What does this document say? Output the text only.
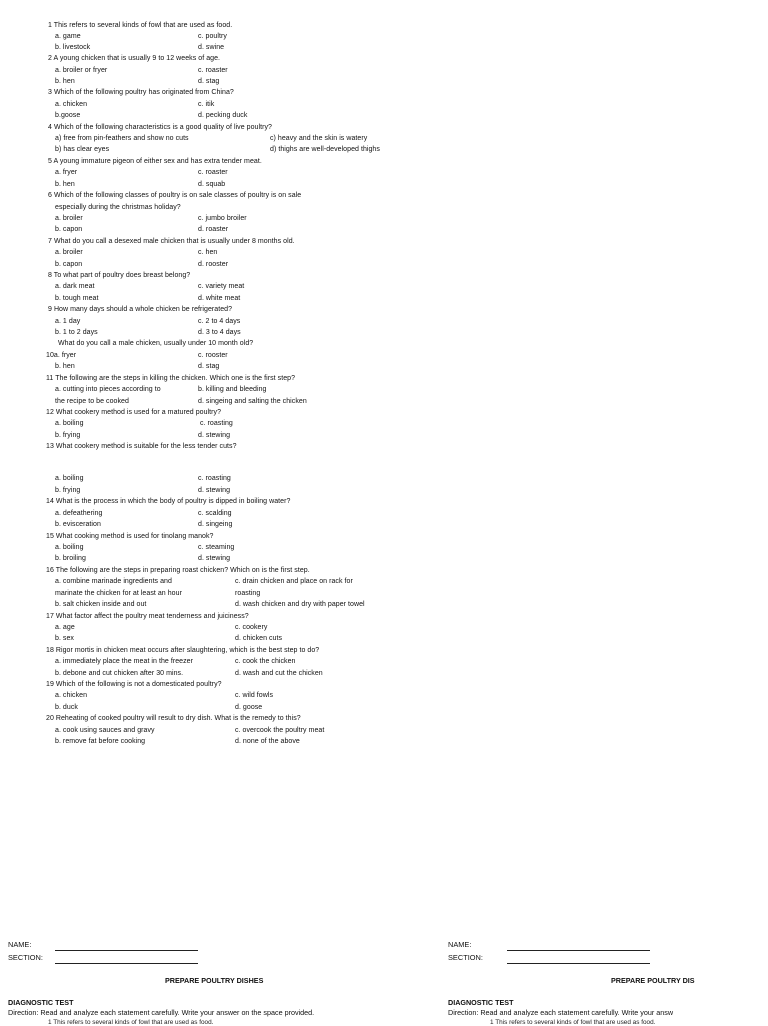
1 This refers to several kinds of fowl that are used as food.
a. game	c. poultry
b. livestock	d. swine
2 A young chicken that is usually 9 to 12 weeks of age.
a. broiler or fryer	c. roaster
b. hen	d. stag
3 Which of the following poultry has originated from China?
a. chicken	c. itik
b.goose	d. pecking duck
4 Which of the following characteristics is a good quality of live poultry?
a) free from pin-feathers and show no cuts	c) heavy and the skin is watery
b) has clear eyes	d) thighs are well-developed thighs
5 A young immature pigeon of either sex and has extra tender meat.
a. fryer	c. roaster
b. hen	d. squab
6 Which of the following classes of poultry is on sale classes of poultry is on sale
especially during the christmas holiday?
a. broiler	c. jumbo broiler
b. capon	d. roaster
7 What do you call a desexed male chicken that is usually under 8 months old.
a. broiler	c. hen
b. capon	d. rooster
8 To what part of poultry does breast belong?
a. dark meat	c. variety meat
b. tough meat	d. white meat
9 How many days should a whole chicken be refrigerated?
a. 1 day	c. 2 to 4 days
b. 1 to 2 days	d. 3 to 4 days
What do you call a male chicken, usually under 10 month old?
10a. fryer	c. rooster
b. hen	d. stag
11 The following are the steps in killing the chicken. Which one is the first step?
a. cutting into pieces according to	b. killing and bleeding
the recipe to be cooked	d. singeing and salting the chicken
12 What cookery method is used for a matured poultry?
a. boiling	c. roasting
b. frying	d. stewing
13 What cookery method is suitable for the less tender cuts?
a. boiling	c. roasting
b. frying	d. stewing
14 What is the process in which the body of poultry is dipped in boiling water?
a. defeathering	c. scalding
b. evisceration	d. singeing
15 What cooking method is used for tinolang manok?
a. boiling	c. steaming
b. broiling	d. stewing
16 The following are the steps in preparing roast chicken? Which on is the first step.
a. combine marinade ingredients and	c. drain chicken and place on rack for
marinate the chicken for at least an hour	roasting
b. salt chicken inside and out	d. wash chicken and dry with paper towel
17 What factor affect the poultry meat tenderness and juiciness?
a. age	c. cookery
b. sex	d. chicken cuts
18 Rigor mortis in chicken meat occurs after slaughtering, which is the best step to do?
a. immediately place the meat in the freezer	c. cook the chicken
b. debone and cut chicken after 30 mins.	d. wash and cut the chicken
19 Which of the following is not a domesticated poultry?
a. chicken	c. wild fowls
b. duck	d. goose
20 Reheating of cooked poultry will result to dry dish. What is the remedy to this?
a. cook using sauces and gravy	c. overcook the poultry meat
b. remove fat before cooking	d. none of the above
NAME:
SECTION:
PREPARE POULTRY DISHES
DIAGNOSTIC TEST
Direction: Read and analyze each statement carefully. Write your answer on the space provided.
1 This refers to several kinds of fowl that are used as food.
NAME:
SECTION:
PREPARE POULTRY DIS
DIAGNOSTIC TEST
Direction: Read and analyze each statement carefully. Write your answ
1 This refers to several kinds of fowl that are used as food.
